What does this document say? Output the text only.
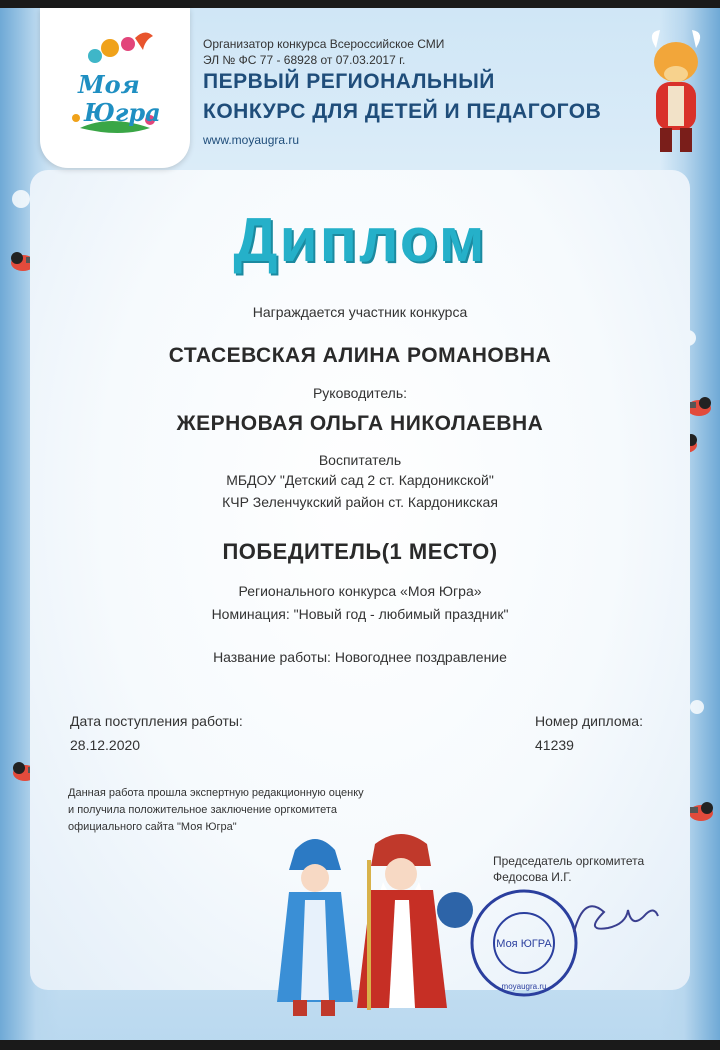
Моя
Югра
Организатор конкурса Всероссийское СМИ
ЭЛ № ФС 77 - 68928 от 07.03.2017 г.
ПЕРВЫЙ РЕГИОНАЛЬНЫЙ
КОНКУРС ДЛЯ ДЕТЕЙ И ПЕДАГОГОВ
www.moyaugra.ru
Диплом
Награждается участник конкурса
СТАСЕВСКАЯ АЛИНА РОМАНОВНА
Руководитель:
ЖЕРНОВАЯ ОЛЬГА НИКОЛАЕВНА
Воспитатель
МБДОУ "Детский сад 2 ст. Кардоникской"
КЧР Зеленчукский район ст. Кардоникская
ПОБЕДИТЕЛЬ(1 МЕСТО)
Регионального конкурса «Моя Югра»
Номинация: "Новый год - любимый праздник"
Название работы: Новогоднее поздравление
Дата поступления работы:
28.12.2020
Номер диплома:
41239
Данная работа прошла экспертную редакционную оценку
и получила положительное заключение оргкомитета
официального сайта "Моя Югра"
Председатель оргкомитета
Федосова И.Г.
Моя ЮГРА
moyaugra.ru
